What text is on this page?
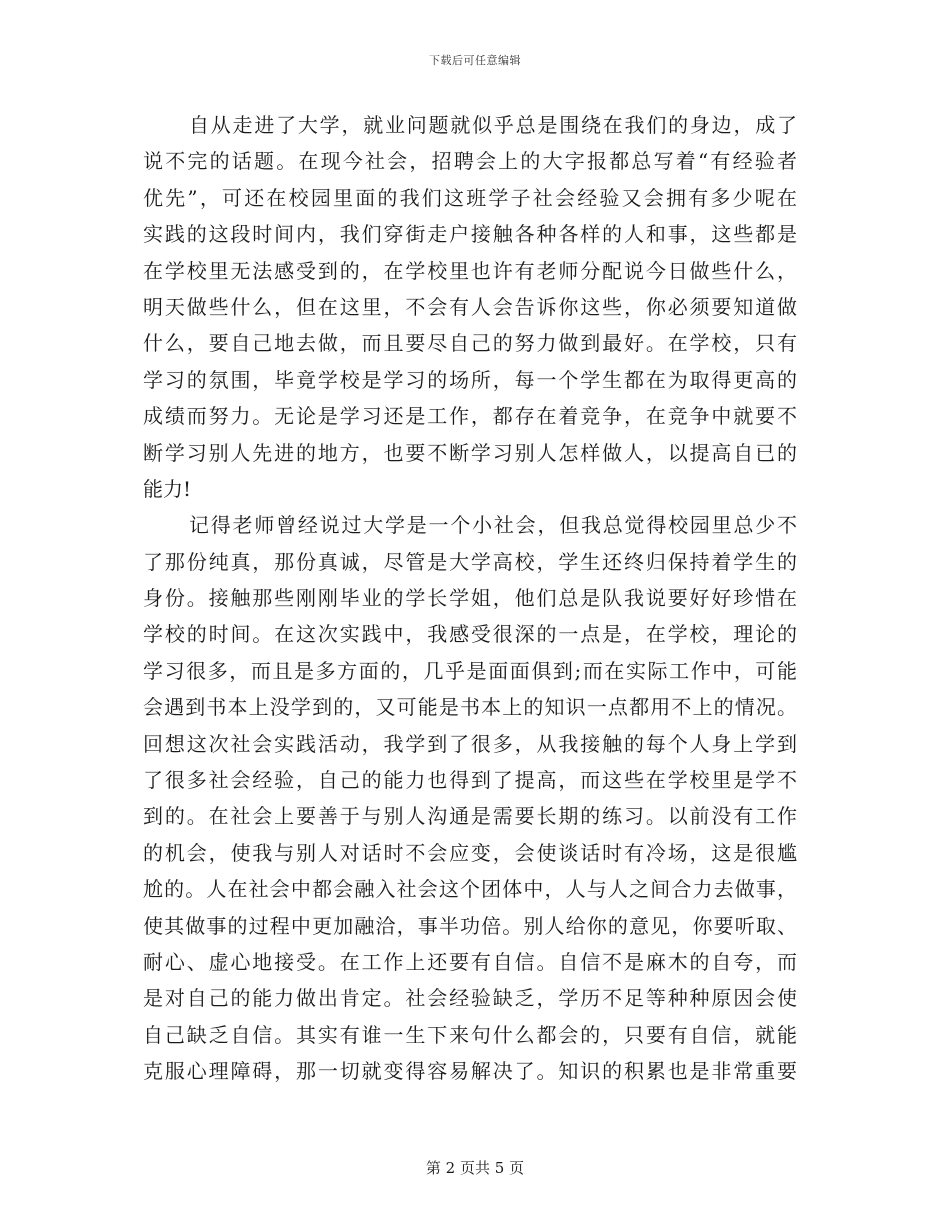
下载后可任意编辑
自从走进了大学，就业问题就似乎总是围绕在我们的身边，成了
说不完的话题。在现今社会，招聘会上的大字报都总写着“有经验者
优先”，可还在校园里面的我们这班学子社会经验又会拥有多少呢在
实践的这段时间内，我们穿街走户接触各种各样的人和事，这些都是
在学校里无法感受到的，在学校里也许有老师分配说今日做些什么，
明天做些什么，但在这里，不会有人会告诉你这些，你必须要知道做
什么，要自己地去做，而且要尽自己的努力做到最好。在学校，只有
学习的氛围，毕竟学校是学习的场所，每一个学生都在为取得更高的
成绩而努力。无论是学习还是工作，都存在着竞争，在竞争中就要不
断学习别人先进的地方，也要不断学习别人怎样做人，以提高自已的
能力!
记得老师曾经说过大学是一个小社会，但我总觉得校园里总少不
了那份纯真，那份真诚，尽管是大学高校，学生还终归保持着学生的
身份。接触那些刚刚毕业的学长学姐，他们总是队我说要好好珍惜在
学校的时间。在这次实践中，我感受很深的一点是，在学校，理论的
学习很多，而且是多方面的，几乎是面面俱到;而在实际工作中，可能
会遇到书本上没学到的，又可能是书本上的知识一点都用不上的情况。
回想这次社会实践活动，我学到了很多，从我接触的每个人身上学到
了很多社会经验，自己的能力也得到了提高，而这些在学校里是学不
到的。在社会上要善于与别人沟通是需要长期的练习。以前没有工作
的机会，使我与别人对话时不会应变，会使谈话时有冷场，这是很尴
尬的。人在社会中都会融入社会这个团体中，人与人之间合力去做事，
使其做事的过程中更加融洽，事半功倍。别人给你的意见，你要听取、
耐心、虚心地接受。在工作上还要有自信。自信不是麻木的自夸，而
是对自己的能力做出肯定。社会经验缺乏，学历不足等种种原因会使
自己缺乏自信。其实有谁一生下来句什么都会的，只要有自信，就能
克服心理障碍，那一切就变得容易解决了。知识的积累也是非常重要
第 2 页共 5 页
